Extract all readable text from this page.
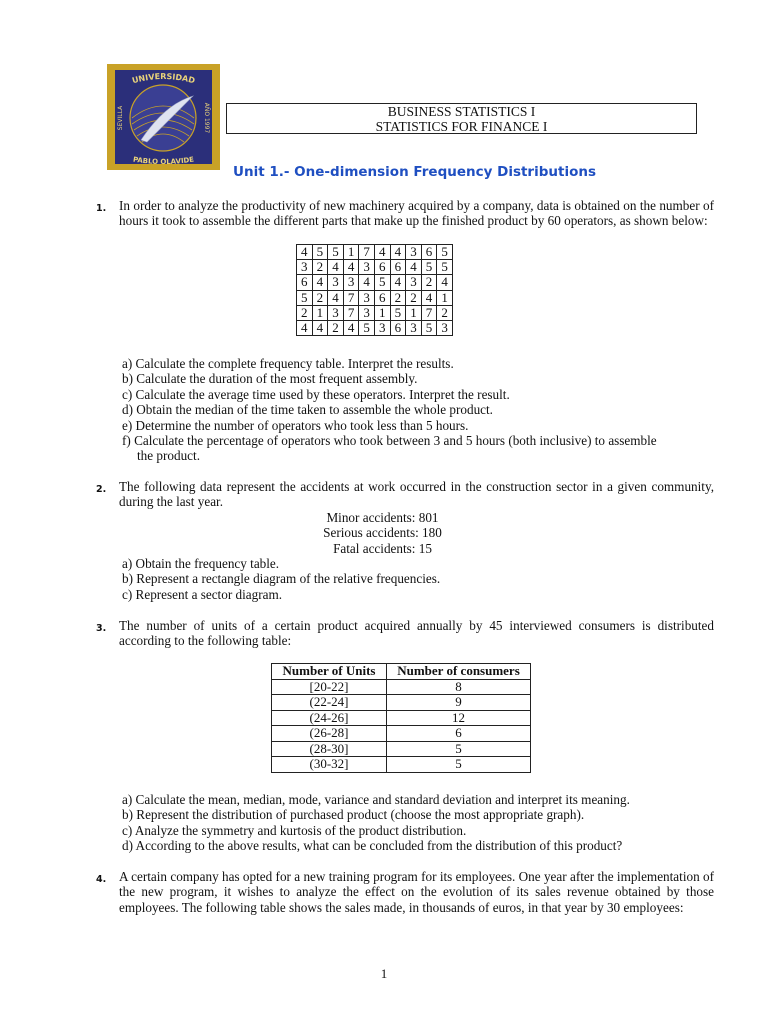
UNIVERSIDAD
PABLO OLAVIDE
SEVILLA	AÑO 1997	BUSINESS STATISTICS I
STATISTICS FOR FINANCE I
Unit 1.- One-dimension Frequency Distributions
1. In order to analyze the productivity of new machinery acquired by a company, data is obtained on the number of hours it took to assemble the different parts that make up the finished product by 60 operators, as shown below:
4	5	5	1	7	4	4	3	6	5
3	2	4	4	3	6	6	4	5	5
6	4	3	3	4	5	4	3	2	4
5	2	4	7	3	6	2	2	4	1
2	1	3	7	3	1	5	1	7	2
4	4	2	4	5	3	6	3	5	3
a) Calculate the complete frequency table. Interpret the results.
b) Calculate the duration of the most frequent assembly.
c) Calculate the average time used by these operators. Interpret the result.
d) Obtain the median of the time taken to assemble the whole product.
e) Determine the number of operators who took less than 5 hours.
f) Calculate the percentage of operators who took between 3 and 5 hours (both inclusive) to assemble
the product.
2. The following data represent the accidents at work occurred in the construction sector in a given community, during the last year.
Minor accidents: 801
Serious accidents: 180
Fatal accidents: 15
a) Obtain the frequency table.
b) Represent a rectangle diagram of the relative frequencies.
c) Represent a sector diagram.
3. The number of units of a certain product acquired annually by 45 interviewed consumers is distributed according to the following table:
Number of Units	Number of consumers
[20-22]	8
(22-24]	9
(24-26]	12
(26-28]	6
(28-30]	5
(30-32]	5
a) Calculate the mean, median, mode, variance and standard deviation and interpret its meaning.
b) Represent the distribution of purchased product (choose the most appropriate graph).
c) Analyze the symmetry and kurtosis of the product distribution.
d) According to the above results, what can be concluded from the distribution of this product?
4. A certain company has opted for a new training program for its employees. One year after the implementation of the new program, it wishes to analyze the effect on the evolution of its sales revenue obtained by those employees. The following table shows the sales made, in thousands of euros, in that year by 30 employees:
1
